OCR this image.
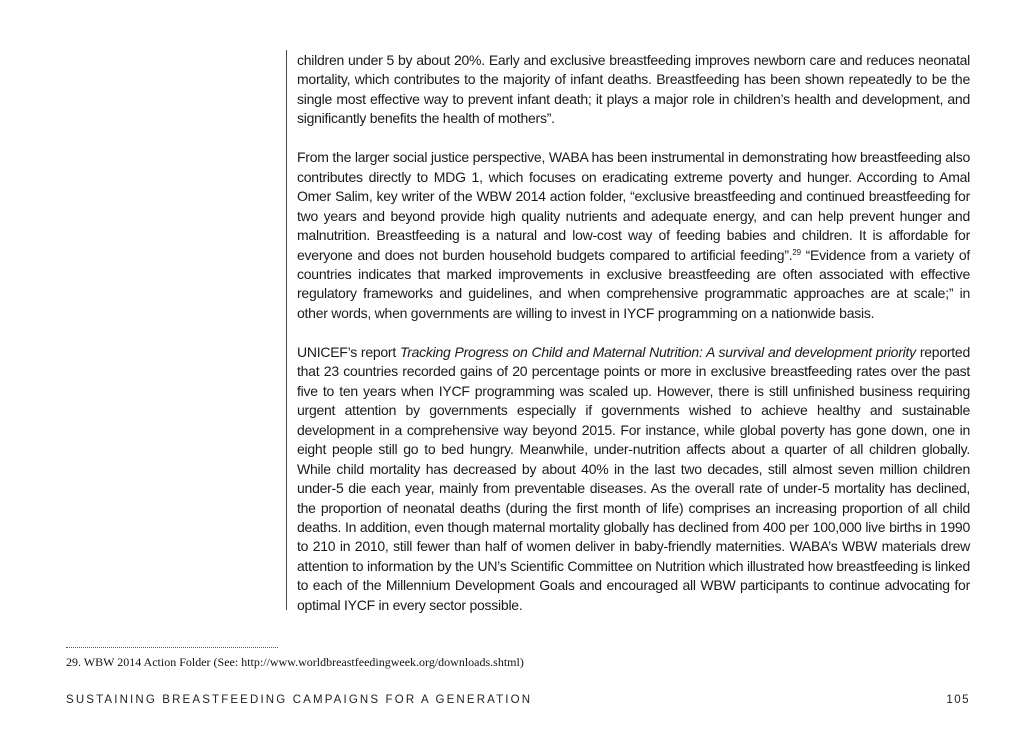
children under 5 by about 20%. Early and exclusive breastfeeding improves newborn care and reduces neonatal mortality, which contributes to the majority of infant deaths. Breastfeeding has been shown repeatedly to be the single most effective way to prevent infant death; it plays a major role in children’s health and development, and significantly benefits the health of mothers”.

From the larger social justice perspective, WABA has been instrumental in demonstrating how breastfeeding also contributes directly to MDG 1, which focuses on eradicating extreme poverty and hunger. According to Amal Omer Salim, key writer of the WBW 2014 action folder, “exclusive breastfeeding and continued breastfeeding for two years and beyond provide high quality nutrients and adequate energy, and can help prevent hunger and malnutrition. Breastfeeding is a natural and low-cost way of feeding babies and children. It is affordable for everyone and does not burden household budgets compared to artificial feeding”.$^{29}$ “Evidence from a variety of countries indicates that marked improvements in exclusive breastfeeding are often associated with effective regulatory frameworks and guidelines, and when comprehensive programmatic approaches are at scale;” in other words, when governments are willing to invest in IYCF programming on a nationwide basis.

UNICEF’s report Tracking Progress on Child and Maternal Nutrition: A survival and development priority reported that 23 countries recorded gains of 20 percentage points or more in exclusive breastfeeding rates over the past five to ten years when IYCF programming was scaled up. However, there is still unfinished business requiring urgent attention by governments especially if governments wished to achieve healthy and sustainable development in a comprehensive way beyond 2015. For instance, while global poverty has gone down, one in eight people still go to bed hungry. Meanwhile, under-nutrition affects about a quarter of all children globally. While child mortality has decreased by about 40% in the last two decades, still almost seven million children under-5 die each year, mainly from preventable diseases. As the overall rate of under-5 mortality has declined, the proportion of neonatal deaths (during the first month of life) comprises an increasing proportion of all child deaths. In addition, even though maternal mortality globally has declined from 400 per 100,000 live births in 1990 to 210 in 2010, still fewer than half of women deliver in baby-friendly maternities. WABA’s WBW materials drew attention to information by the UN’s Scientific Committee on Nutrition which illustrated how breastfeeding is linked to each of the Millennium Development Goals and encouraged all WBW participants to continue advocating for optimal IYCF in every sector possible.

29. WBW 2014 Action Folder (See: http://www.worldbreastfeedingweek.org/downloads.shtml)
SUSTAINING BREASTFEEDING CAMPAIGNS FOR A GENERATION	105
